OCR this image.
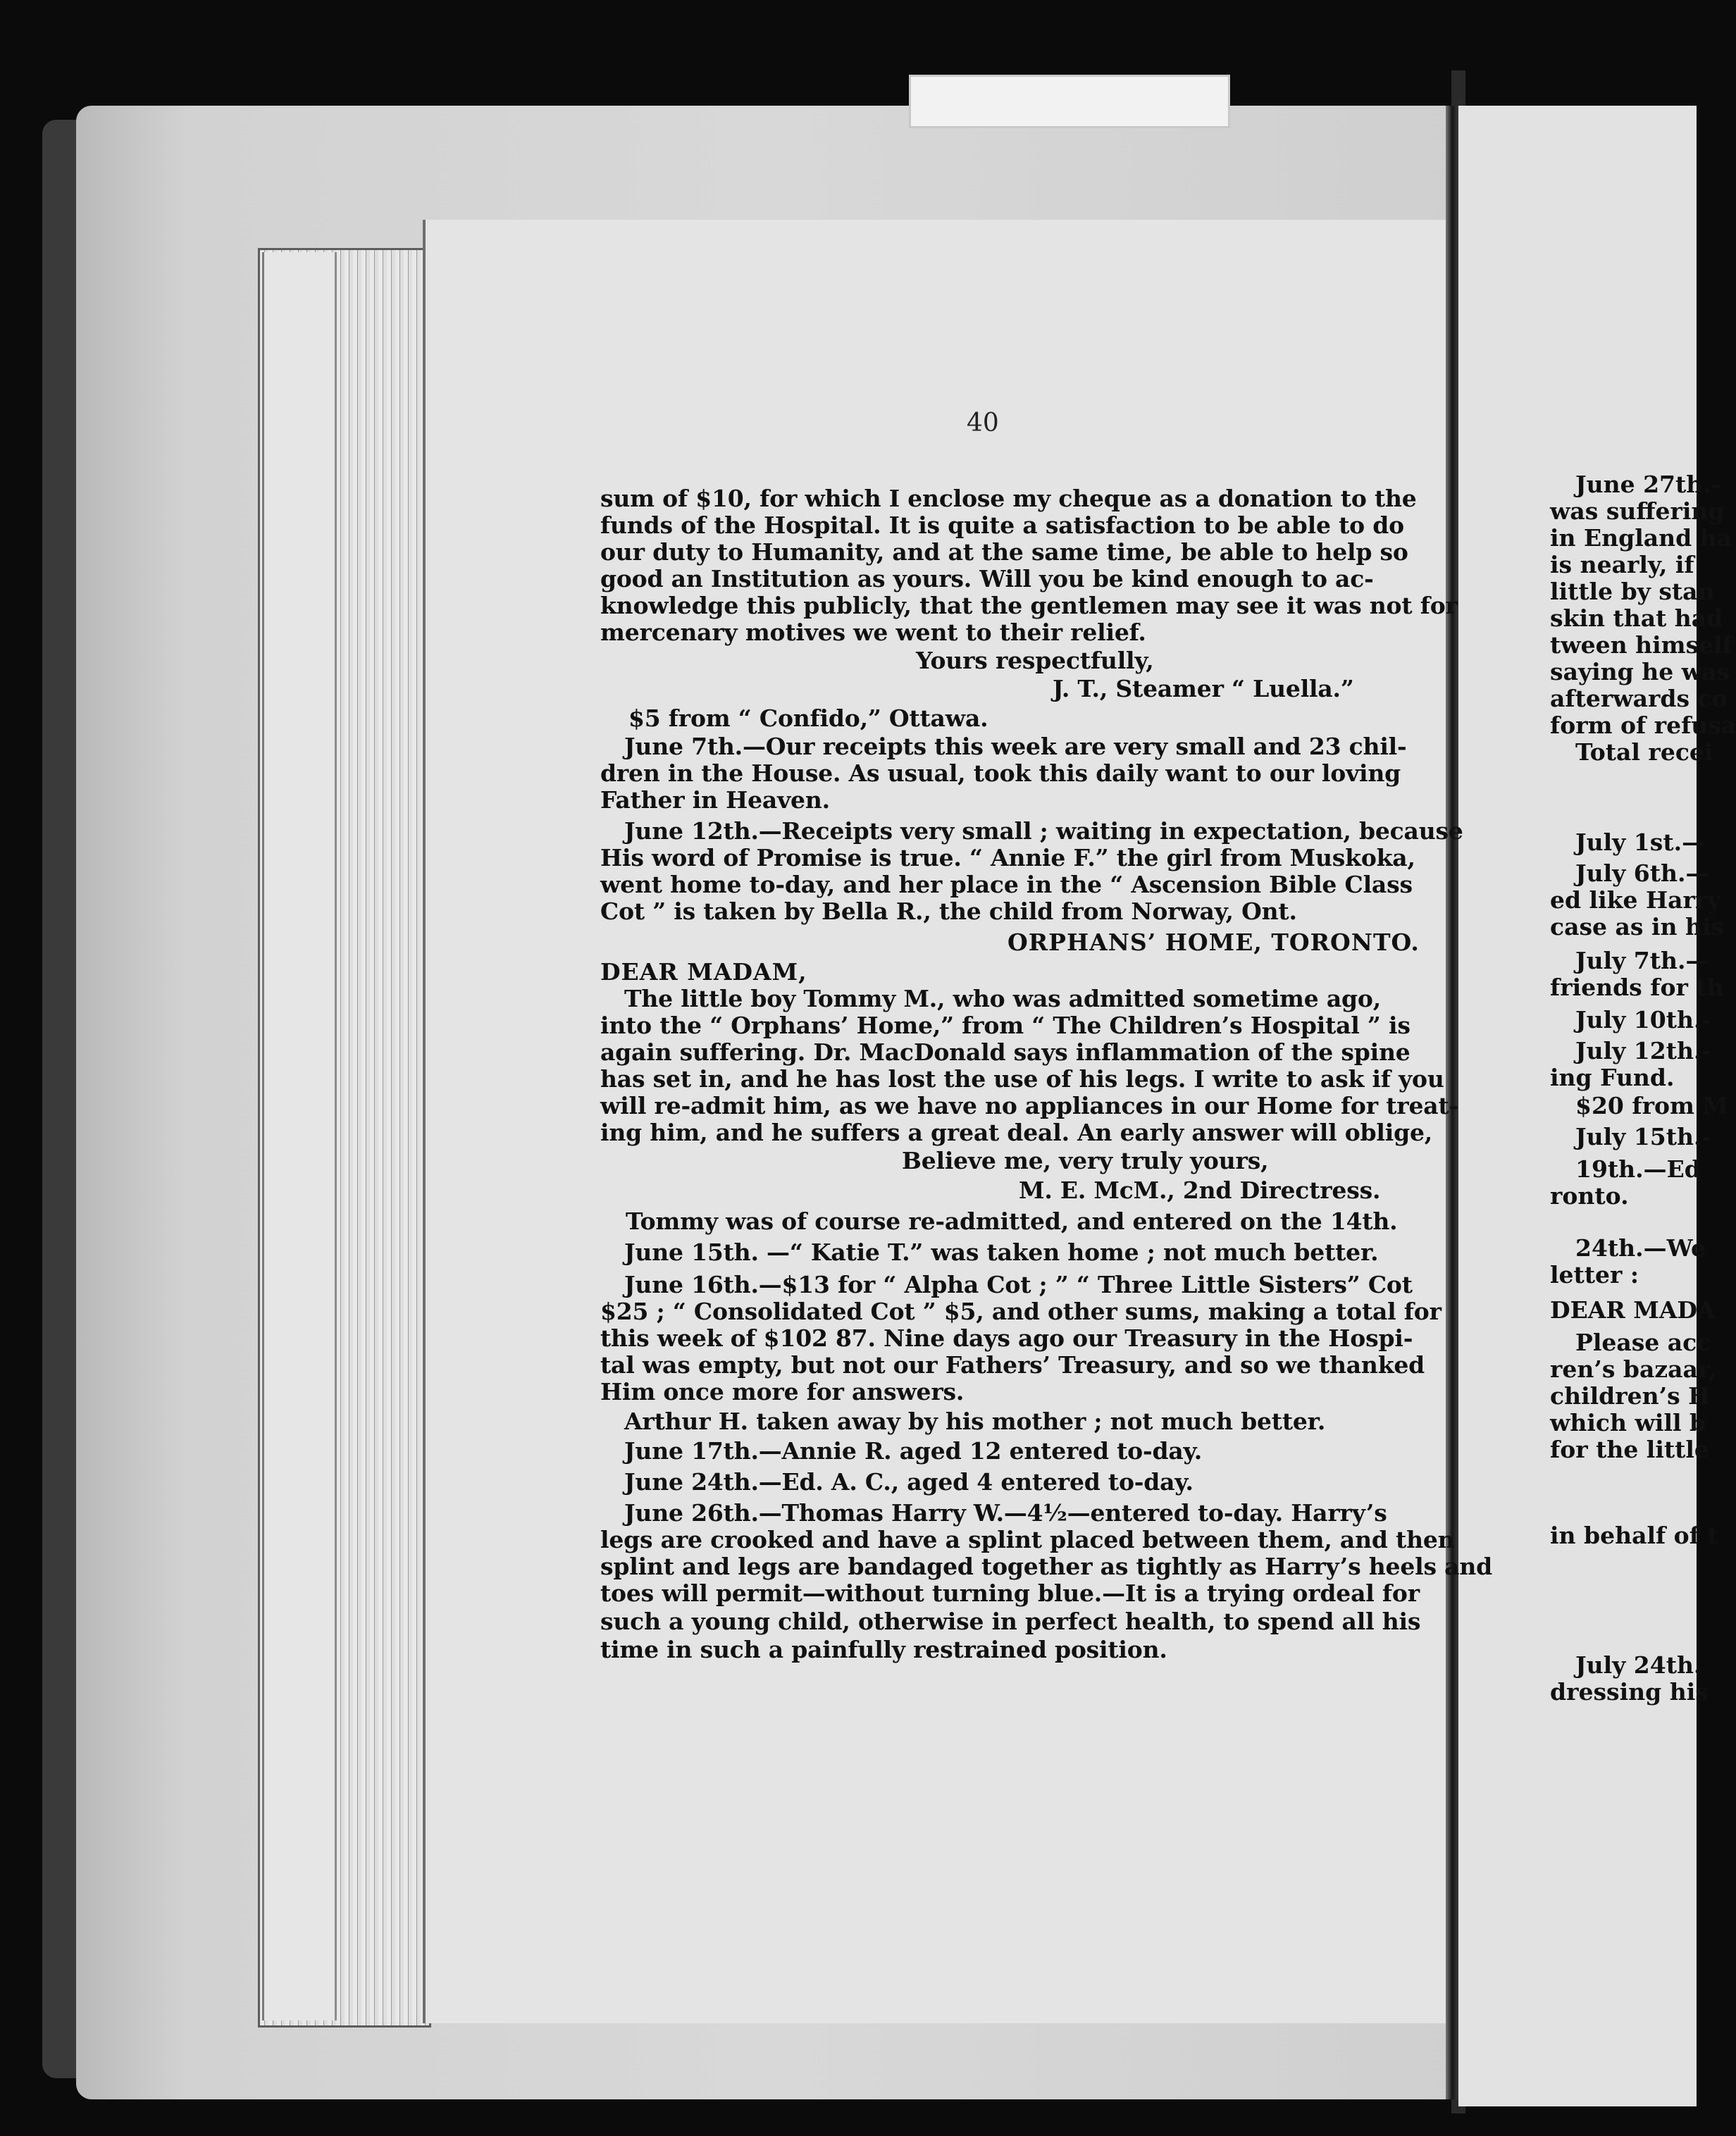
40
sum of $10, for which I enclose my cheque as a donation to the
funds of the Hospital. It is quite a satisfaction to be able to do
our duty to Humanity, and at the same time, be able to help so
good an Institution as yours. Will you be kind enough to ac-
knowledge this publicly, that the gentlemen may see it was not for
mercenary motives we went to their relief.
Yours respectfully,
J. T., Steamer “ Luella.”
$5 from “ Confido,” Ottawa.
June 7th.—Our receipts this week are very small and 23 chil-
dren in the House. As usual, took this daily want to our loving
Father in Heaven.
June 12th.—Receipts very small ; waiting in expectation, because
His word of Promise is true. “ Annie F.” the girl from Muskoka,
went home to-day, and her place in the “ Ascension Bible Class
Cot ” is taken by Bella R., the child from Norway, Ont.
ORPHANS’ HOME, TORONTO.
DEAR MADAM,
The little boy Tommy M., who was admitted sometime ago,
into the “ Orphans’ Home,” from “ The Children’s Hospital ” is
again suffering. Dr. MacDonald says inflammation of the spine
has set in, and he has lost the use of his legs. I write to ask if you
will re-admit him, as we have no appliances in our Home for treat-
ing him, and he suffers a great deal. An early answer will oblige,
Believe me, very truly yours,
M. E. McM., 2nd Directress.
Tommy was of course re-admitted, and entered on the 14th.
June 15th. —“ Katie T.” was taken home ; not much better.
June 16th.—$13 for “ Alpha Cot ; ” “ Three Little Sisters” Cot
$25 ; “ Consolidated Cot ” $5, and other sums, making a total for
this week of $102 87. Nine days ago our Treasury in the Hospi-
tal was empty, but not our Fathers’ Treasury, and so we thanked
Him once more for answers.
Arthur H. taken away by his mother ; not much better.
June 17th.—Annie R. aged 12 entered to-day.
June 24th.—Ed. A. C., aged 4 entered to-day.
June 26th.—Thomas Harry W.—4½—entered to-day. Harry’s
legs are crooked and have a splint placed between them, and then
splint and legs are bandaged together as tightly as Harry’s heels and
toes will permit—without turning blue.—It is a trying ordeal for
such a young child, otherwise in perfect health, to spend all his
time in such a painfully restrained position.
June 27th.-
was suffering
in England ha
is nearly, if
little by stan
skin that had
tween himself
saying he was
afterwards co
form of refusa
Total recei
July 1st.—
July 6th.—
ed like Harry
case as in his
July 7th.—
friends for th
July 10th.-
July 12th.-
ing Fund.
$20 from M
July 15th.-
19th.—Ed
ronto.
24th.—We
letter :
DEAR MADA
Please acc
ren’s bazaar,
children’s H
which will b
for the little
in behalf of t
July 24th.
dressing his
